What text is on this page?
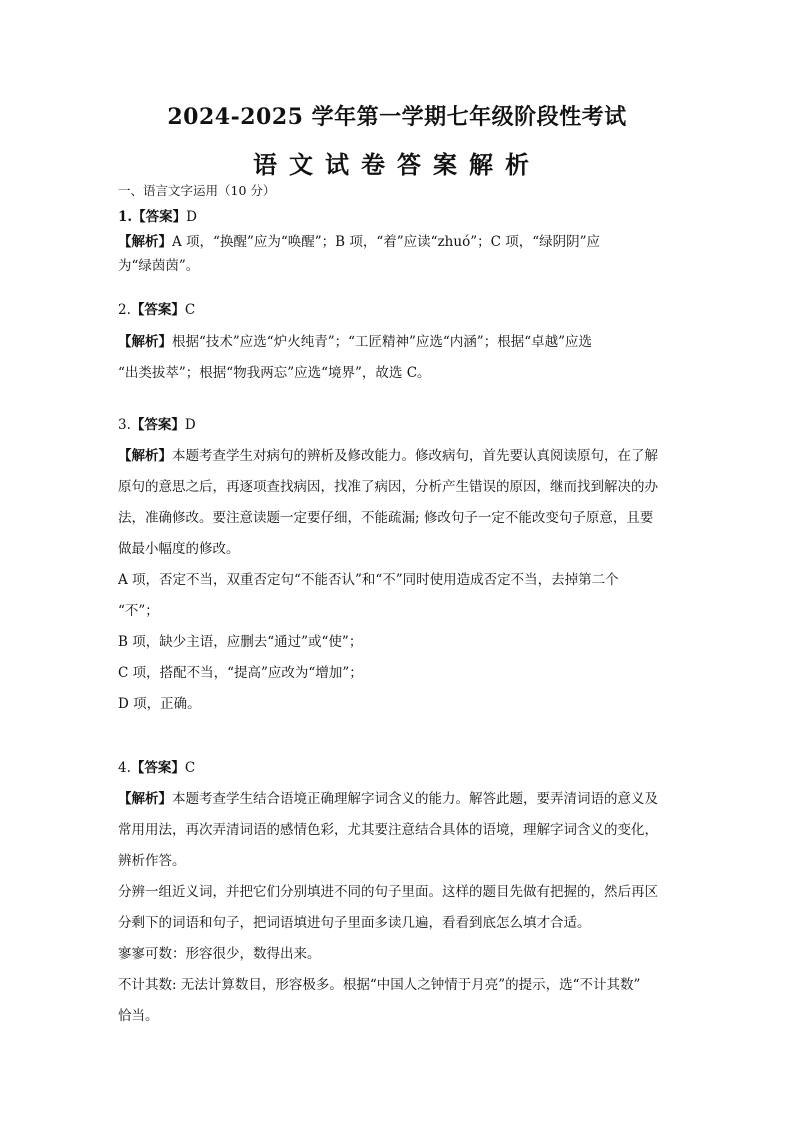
2024-2025 学年第一学期七年级阶段性考试
语文试卷答案解析
一、语言文字运用（10 分）
1.【答案】D
【解析】A 项，“换醒”应为“唤醒”；B 项，“着”应读“zhuó”；C 项，“绿阴阴”应
为“绿茵茵”。
2.【答案】C
【解析】根据“技术”应选“炉火纯青”；“工匠精神”应选“内涵”；根据“卓越”应选
“出类拔萃”；根据“物我两忘”应选“境界”，故选 C。
3.【答案】D
【解析】本题考查学生对病句的辨析及修改能力。修改病句，首先要认真阅读原句，在了解
原句的意思之后，再逐项查找病因，找准了病因，分析产生错误的原因，继而找到解决的办
法，准确修改。要注意读题一定要仔细，不能疏漏; 修改句子一定不能改变句子原意，且要
做最小幅度的修改。
A 项，否定不当，双重否定句“不能否认”和“不”同时使用造成否定不当，去掉第二个
“不”；
B 项，缺少主语，应删去“通过”或“使”；
C 项，搭配不当，“提高”应改为“增加”；
D 项，正确。
4.【答案】C
【解析】本题考查学生结合语境正确理解字词含义的能力。解答此题，要弄清词语的意义及
常用用法，再次弄清词语的感情色彩，尤其要注意结合具体的语境，理解字词含义的变化，
辨析作答。
分辨一组近义词，并把它们分别填进不同的句子里面。这样的题目先做有把握的，然后再区
分剩下的词语和句子，把词语填进句子里面多读几遍，看看到底怎么填才合适。
寥寥可数：形容很少，数得出来。
不计其数: 无法计算数目，形容极多。根据“中国人之钟情于月亮”的提示，选“不计其数”
恰当。
